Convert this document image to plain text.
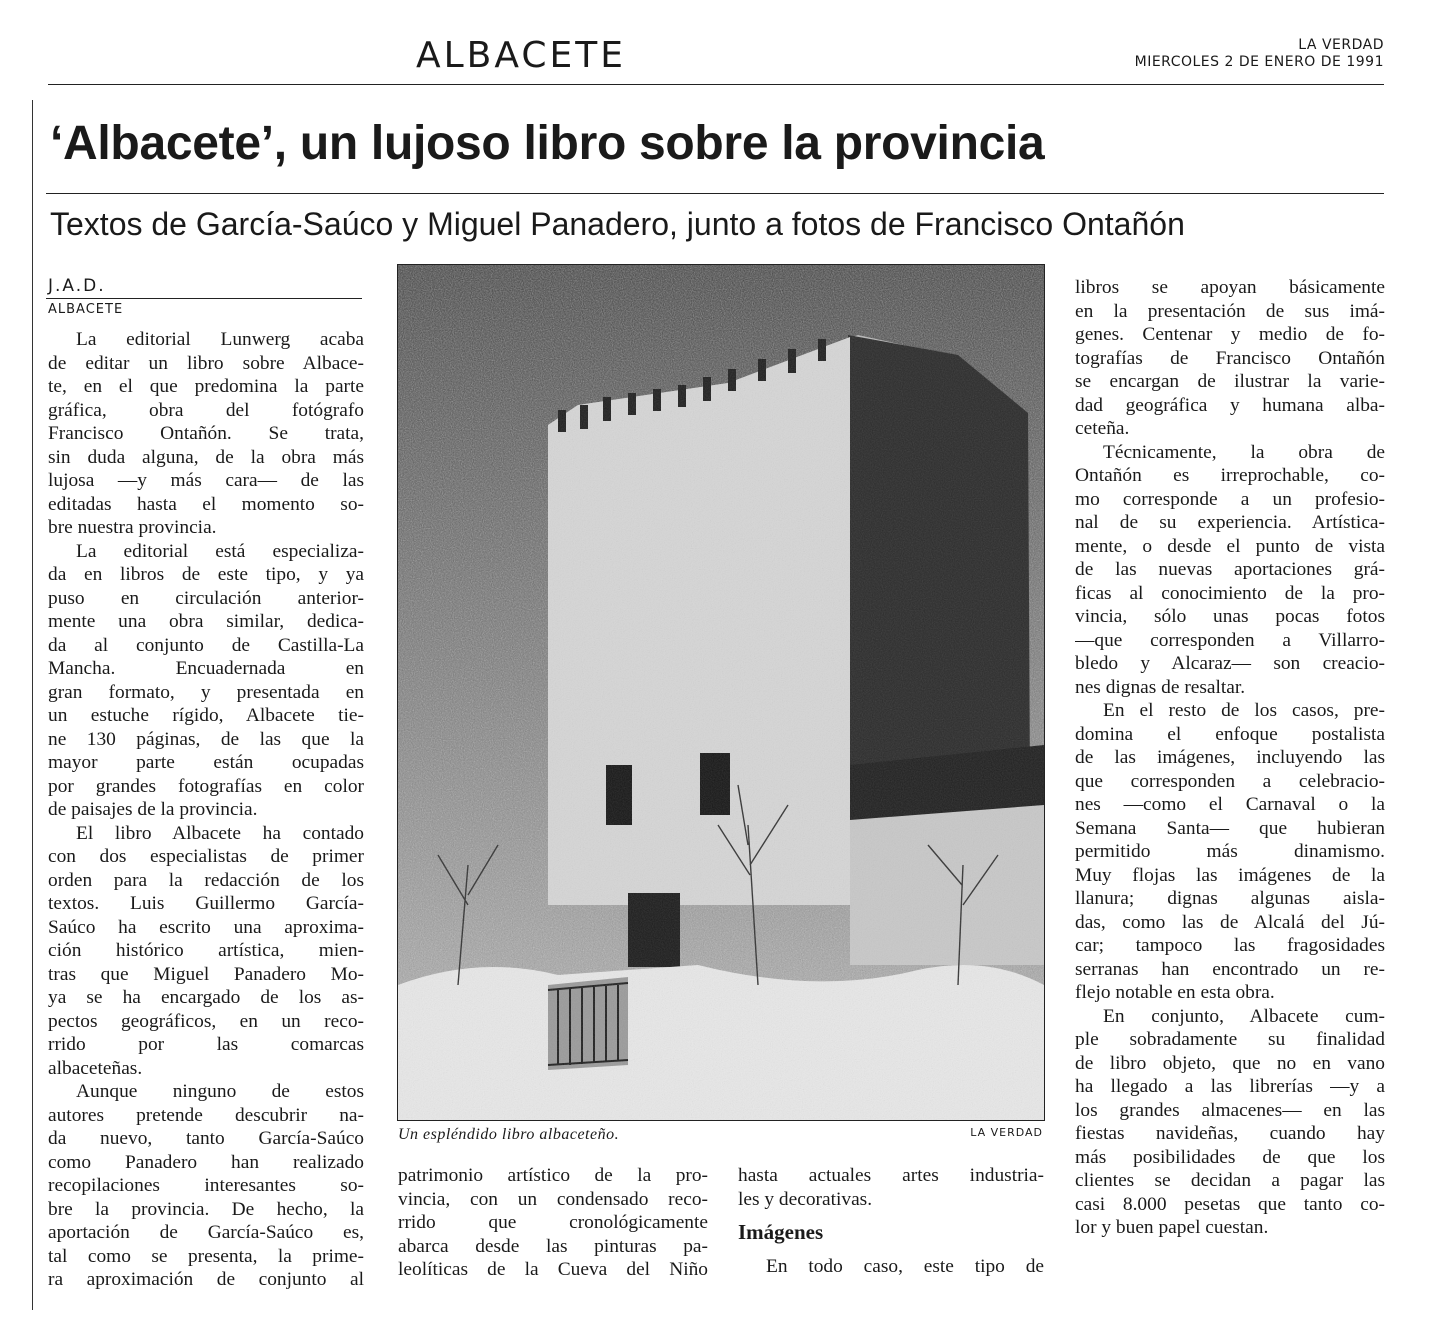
ALBACETE	LA VERDAD
MIERCOLES 2 DE ENERO DE 1991
‘Albacete’, un lujoso libro sobre la provincia
Textos de García-Saúco y Miguel Panadero, junto a fotos de Francisco Ontañón
J.A.D.
ALBACETE
La editorial Lunwerg acaba
de editar un libro sobre Albace-
te, en el que predomina la parte
gráfica, obra del fotógrafo
Francisco Ontañón. Se trata,
sin duda alguna, de la obra más
lujosa —y más cara— de las
editadas hasta el momento so-
bre nuestra provincia.
La editorial está especializa-
da en libros de este tipo, y ya
puso en circulación anterior-
mente una obra similar, dedica-
da al conjunto de Castilla-La
Mancha. Encuadernada en
gran formato, y presentada en
un estuche rígido, Albacete tie-
ne 130 páginas, de las que la
mayor parte están ocupadas
por grandes fotografías en color
de paisajes de la provincia.
El libro Albacete ha contado
con dos especialistas de primer
orden para la redacción de los
textos. Luis Guillermo García-
Saúco ha escrito una aproxima-
ción histórico artística, mien-
tras que Miguel Panadero Mo-
ya se ha encargado de los as-
pectos geográficos, en un reco-
rrido por las comarcas
albaceteñas.
Aunque ninguno de estos
autores pretende descubrir na-
da nuevo, tanto García-Saúco
como Panadero han realizado
recopilaciones interesantes so-
bre la provincia. De hecho, la
aportación de García-Saúco es,
tal como se presenta, la prime-
ra aproximación de conjunto al
Un espléndido libro albaceteño.	LA VERDAD
patrimonio artístico de la pro-
vincia, con un condensado reco-
rrido que cronológicamente
abarca desde las pinturas pa-
leolíticas de la Cueva del Niño
hasta actuales artes industria-
les y decorativas.
Imágenes
En todo caso, este tipo de
libros se apoyan básicamente
en la presentación de sus imá-
genes. Centenar y medio de fo-
tografías de Francisco Ontañón
se encargan de ilustrar la varie-
dad geográfica y humana alba-
ceteña.
Técnicamente, la obra de
Ontañón es irreprochable, co-
mo corresponde a un profesio-
nal de su experiencia. Artística-
mente, o desde el punto de vista
de las nuevas aportaciones grá-
ficas al conocimiento de la pro-
vincia, sólo unas pocas fotos
—que corresponden a Villarro-
bledo y Alcaraz— son creacio-
nes dignas de resaltar.
En el resto de los casos, pre-
domina el enfoque postalista
de las imágenes, incluyendo las
que corresponden a celebracio-
nes —como el Carnaval o la
Semana Santa— que hubieran
permitido más dinamismo.
Muy flojas las imágenes de la
llanura; dignas algunas aisla-
das, como las de Alcalá del Jú-
car; tampoco las fragosidades
serranas han encontrado un re-
flejo notable en esta obra.
En conjunto, Albacete cum-
ple sobradamente su finalidad
de libro objeto, que no en vano
ha llegado a las librerías —y a
los grandes almacenes— en las
fiestas navideñas, cuando hay
más posibilidades de que los
clientes se decidan a pagar las
casi 8.000 pesetas que tanto co-
lor y buen papel cuestan.
